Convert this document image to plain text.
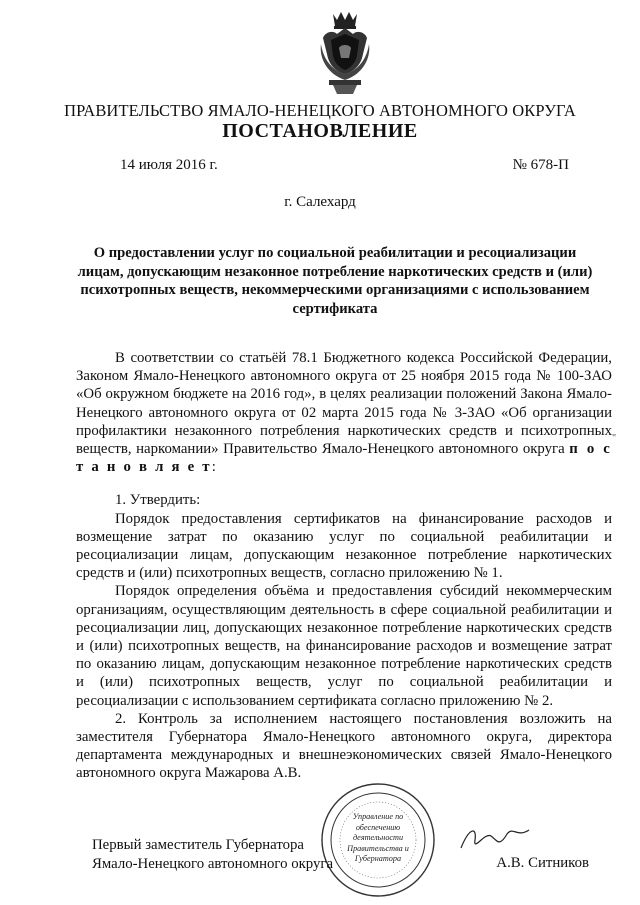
ПРАВИТЕЛЬСТВО ЯМАЛО-НЕНЕЦКОГО АВТОНОМНОГО ОКРУГА
ПОСТАНОВЛЕНИЕ
14 июля 2016 г.	№ 678-П
г. Салехард
О предоставлении услуг по социальной реабилитации и ресоциализации лицам, допускающим незаконное потребление наркотических средств и (или) психотропных веществ, некоммерческими организациями с использованием сертификата

В соответствии со статьёй 78.1 Бюджетного кодекса Российской Федерации, Законом Ямало-Ненецкого автономного округа от 25 ноября 2015 года № 100-ЗАО «Об окружном бюджете на 2016 год», в целях реализации положений Закона Ямало-Ненецкого автономного округа от 02 марта 2015 года № 3-ЗАО «Об организации профилактики незаконного потребления наркотических средств и психотропных веществ, наркомании» Правительство Ямало-Ненецкого автономного округа п о с т а н о в л я е т:

1. Утвердить:

Порядок предоставления сертификатов на финансирование расходов и возмещение затрат по оказанию услуг по социальной реабилитации и ресоциализации лицам, допускающим незаконное потребление наркотических средств и (или) психотропных веществ, согласно приложению № 1.

Порядок определения объёма и предоставления субсидий некоммерческим организациям, осуществляющим деятельность в сфере социальной реабилитации и ресоциализации лиц, допускающих незаконное потребление наркотических средств и (или) психотропных веществ, на финансирование расходов и возмещение затрат по оказанию лицам, допускающим незаконное потребление наркотических средств и (или) психотропных веществ, услуг по социальной реабилитации и ресоциализации с использованием сертификата согласно приложению № 2.

2. Контроль за исполнением настоящего постановления возложить на заместителя Губернатора Ямало-Ненецкого автономного округа, директора департамента международных и внешнеэкономических связей Ямало-Ненецкого автономного округа Мажарова А.В.

"
Управление по обеспечению деятельности Правительства и Губернатора
Первый заместитель Губернатора
Ямало-Ненецкого автономного округа	А.В. Ситников
